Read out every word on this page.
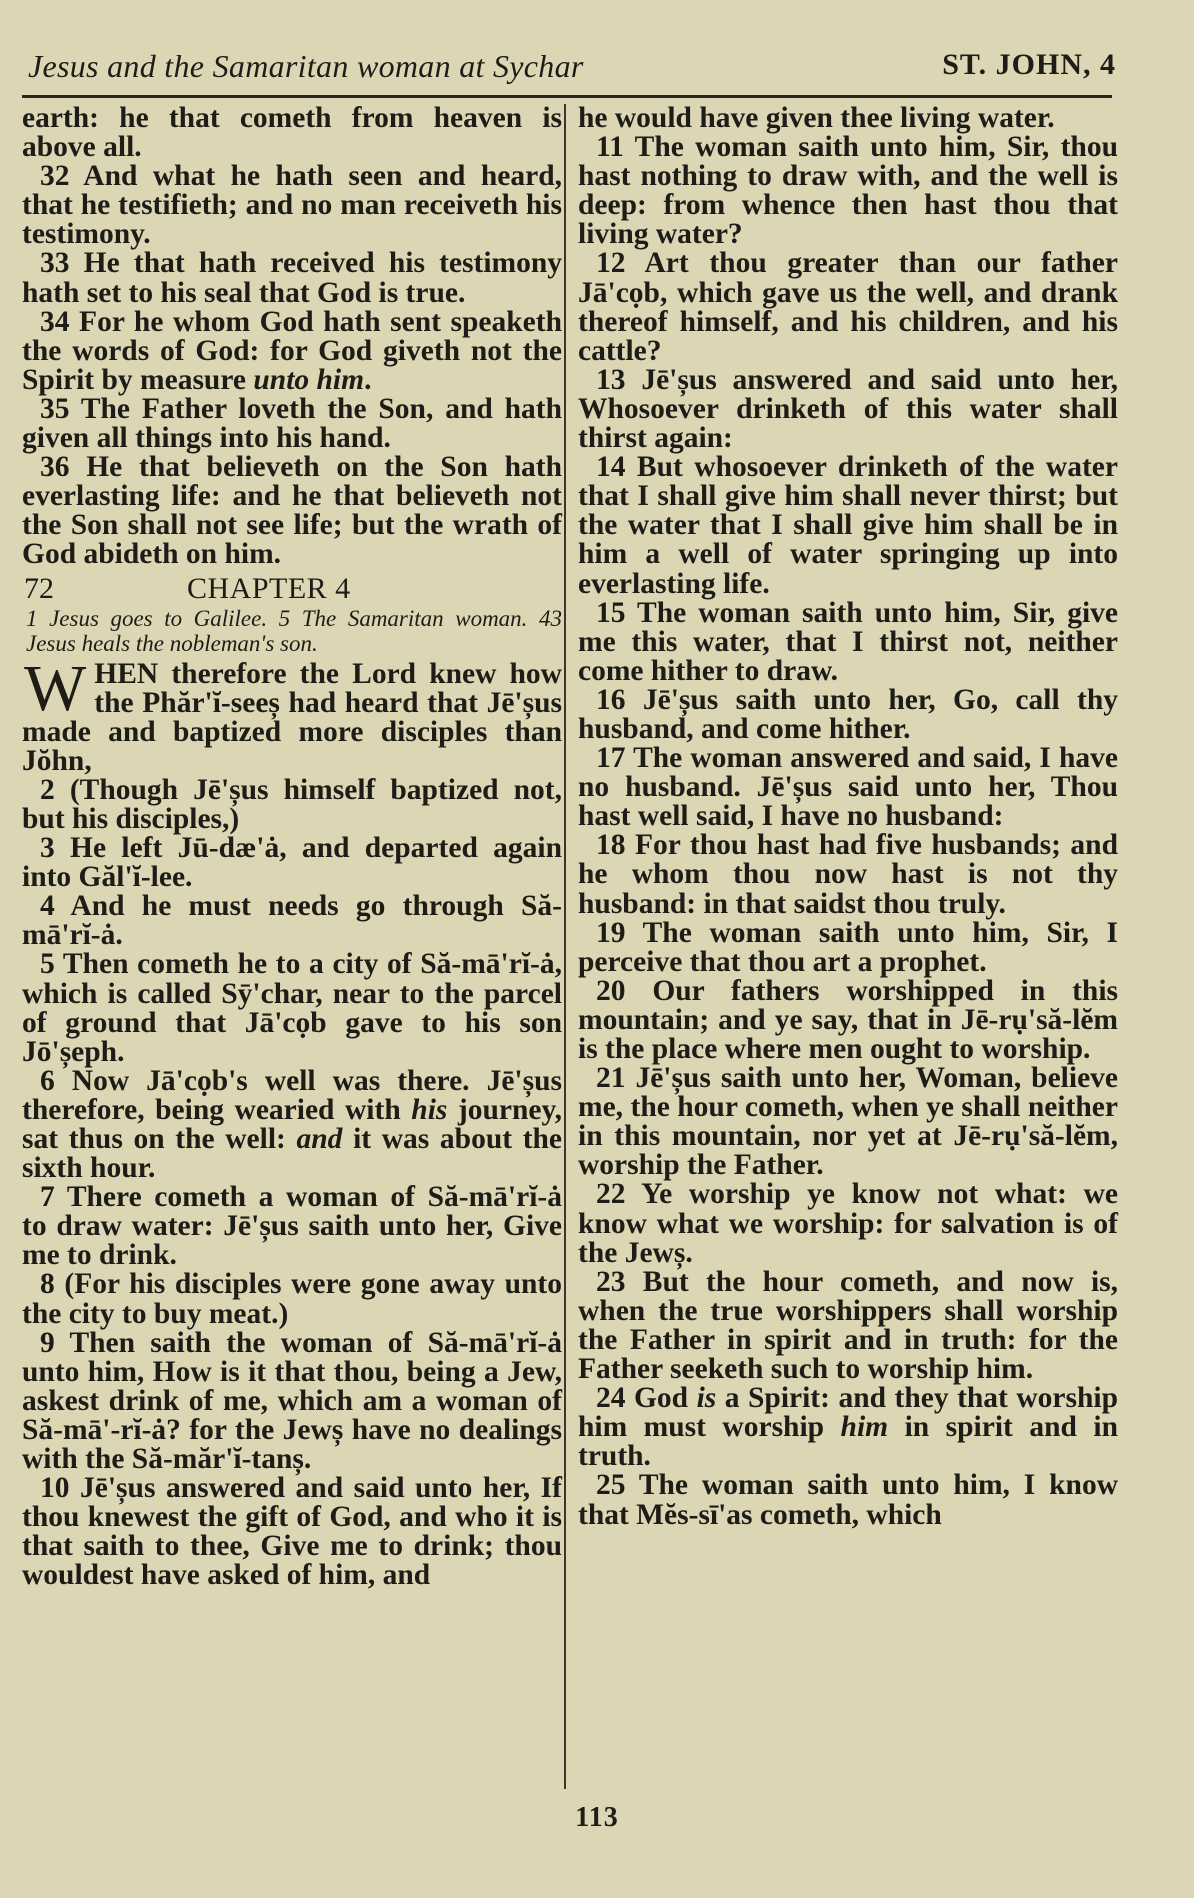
Jesus and the Samaritan woman at Sychar	ST. JOHN, 4

earth: he that cometh from heaven is above all.

32 And what he hath seen and heard, that he testifieth; and no man receiveth his testimony.

33 He that hath received his testimony hath set to his seal that God is true.

34 For he whom God hath sent speaketh the words of God: for God giveth not the Spirit by measure unto him.

35 The Father loveth the Son, and hath given all things into his hand.

36 He that believeth on the Son hath everlasting life: and he that believeth not the Son shall not see life; but the wrath of God abideth on him.

72	CHAPTER 4

1 Jesus goes to Galilee. 5 The Samaritan woman. 43 Jesus heals the nobleman's son.

WHEN therefore the Lord knew how the Phăr'ĭ-seeș had heard that Jē'șus made and baptized more disciples than Jŏhn,

2 (Though Jē'șus himself baptized not, but his disciples,)

3 He left Jū-dæ'ȧ, and departed again into Găl'ĭ-lee.

4 And he must needs go through Să-mā'rĭ-ȧ.

5 Then cometh he to a city of Să-mā'rĭ-ȧ, which is called Sȳ'char, near to the parcel of ground that Jā'cọb gave to his son Jō'șeph.

6 Now Jā'cọb's well was there. Jē'șus therefore, being wearied with his journey, sat thus on the well: and it was about the sixth hour.

7 There cometh a woman of Să-mā'rĭ-ȧ to draw water: Jē'șus saith unto her, Give me to drink.

8 (For his disciples were gone away unto the city to buy meat.)

9 Then saith the woman of Să-mā'rĭ-ȧ unto him, How is it that thou, being a Jew, askest drink of me, which am a woman of Să-mā'-rĭ-ȧ? for the Jewș have no dealings with the Să-măr'ĭ-tanș.

10 Jē'șus answered and said unto her, If thou knewest the gift of God, and who it is that saith to thee, Give me to drink; thou wouldest have asked of him, and

he would have given thee living water.

11 The woman saith unto him, Sir, thou hast nothing to draw with, and the well is deep: from whence then hast thou that living water?

12 Art thou greater than our father Jā'cọb, which gave us the well, and drank thereof himself, and his children, and his cattle?

13 Jē'șus answered and said unto her, Whosoever drinketh of this water shall thirst again:

14 But whosoever drinketh of the water that I shall give him shall never thirst; but the water that I shall give him shall be in him a well of water springing up into everlasting life.

15 The woman saith unto him, Sir, give me this water, that I thirst not, neither come hither to draw.

16 Jē'șus saith unto her, Go, call thy husband, and come hither.

17 The woman answered and said, I have no husband. Jē'șus said unto her, Thou hast well said, I have no husband:

18 For thou hast had five husbands; and he whom thou now hast is not thy husband: in that saidst thou truly.

19 The woman saith unto him, Sir, I perceive that thou art a prophet.

20 Our fathers worshipped in this mountain; and ye say, that in Jē-rụ'să-lĕm is the place where men ought to worship.

21 Jē'șus saith unto her, Woman, believe me, the hour cometh, when ye shall neither in this mountain, nor yet at Jē-rụ'să-lĕm, worship the Father.

22 Ye worship ye know not what: we know what we worship: for salvation is of the Jewș.

23 But the hour cometh, and now is, when the true worshippers shall worship the Father in spirit and in truth: for the Father seeketh such to worship him.

24 God is a Spirit: and they that worship him must worship him in spirit and in truth.

25 The woman saith unto him, I know that Mĕs-sī'as cometh, which

113
